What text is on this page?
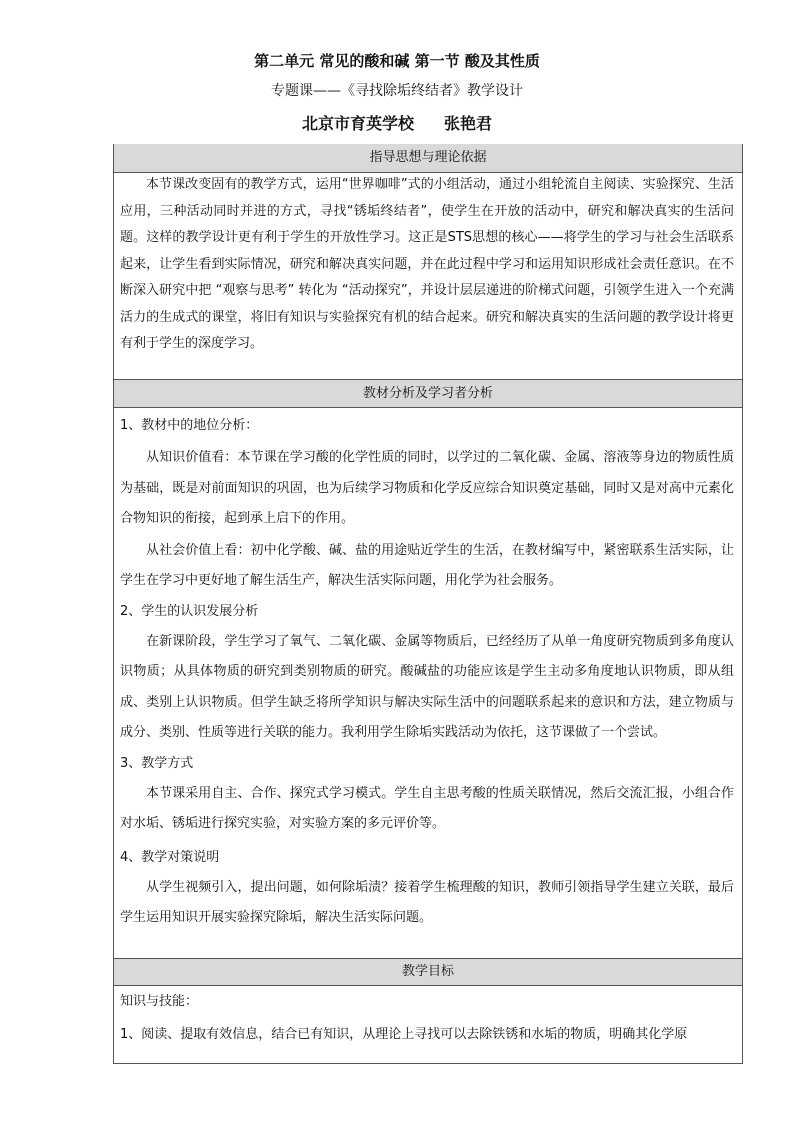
第二单元 常见的酸和碱 第一节 酸及其性质
专题课——《寻找除垢终结者》教学设计
北京市育英学校 张艳君
指导思想与理论依据

本节课改变固有的教学方式，运用“世界咖啡”式的小组活动，通过小组轮流自主阅读、实验探究、生活应用，三种活动同时并进的方式，寻找“锈垢终结者”，使学生在开放的活动中，研究和解决真实的生活问题。这样的教学设计更有利于学生的开放性学习。这正是STS思想的核心——将学生的学习与社会生活联系起来，让学生看到实际情况，研究和解决真实问题，并在此过程中学习和运用知识形成社会责任意识。在不断深入研究中把 “观察与思考” 转化为 “活动探究”，并设计层层递进的阶梯式问题，引领学生进入一个充满活力的生成式的课堂，将旧有知识与实验探究有机的结合起来。研究和解决真实的生活问题的教学设计将更有利于学生的深度学习。

教材分析及学习者分析

1、教材中的地位分析：

从知识价值看：本节课在学习酸的化学性质的同时，以学过的二氧化碳、金属、溶液等身边的物质性质为基础，既是对前面知识的巩固，也为后续学习物质和化学反应综合知识奠定基础，同时又是对高中元素化合物知识的衔接，起到承上启下的作用。

从社会价值上看：初中化学酸、碱、盐的用途贴近学生的生活，在教材编写中，紧密联系生活实际，让学生在学习中更好地了解生活生产，解决生活实际问题，用化学为社会服务。

2、学生的认识发展分析

在新课阶段，学生学习了氧气、二氧化碳、金属等物质后，已经经历了从单一角度研究物质到多角度认识物质；从具体物质的研究到类别物质的研究。酸碱盐的功能应该是学生主动多角度地认识物质，即从组成、类别上认识物质。但学生缺乏将所学知识与解决实际生活中的问题联系起来的意识和方法，建立物质与成分、类别、性质等进行关联的能力。我利用学生除垢实践活动为依托，这节课做了一个尝试。

3、教学方式

本节课采用自主、合作、探究式学习模式。学生自主思考酸的性质关联情况，然后交流汇报，小组合作对水垢、锈垢进行探究实验，对实验方案的多元评价等。

4、教学对策说明

从学生视频引入，提出问题，如何除垢渍？接着学生梳理酸的知识，教师引领指导学生建立关联，最后学生运用知识开展实验探究除垢，解决生活实际问题。

教学目标

知识与技能：

1、阅读、提取有效信息，结合已有知识，从理论上寻找可以去除铁锈和水垢的物质，明确其化学原
